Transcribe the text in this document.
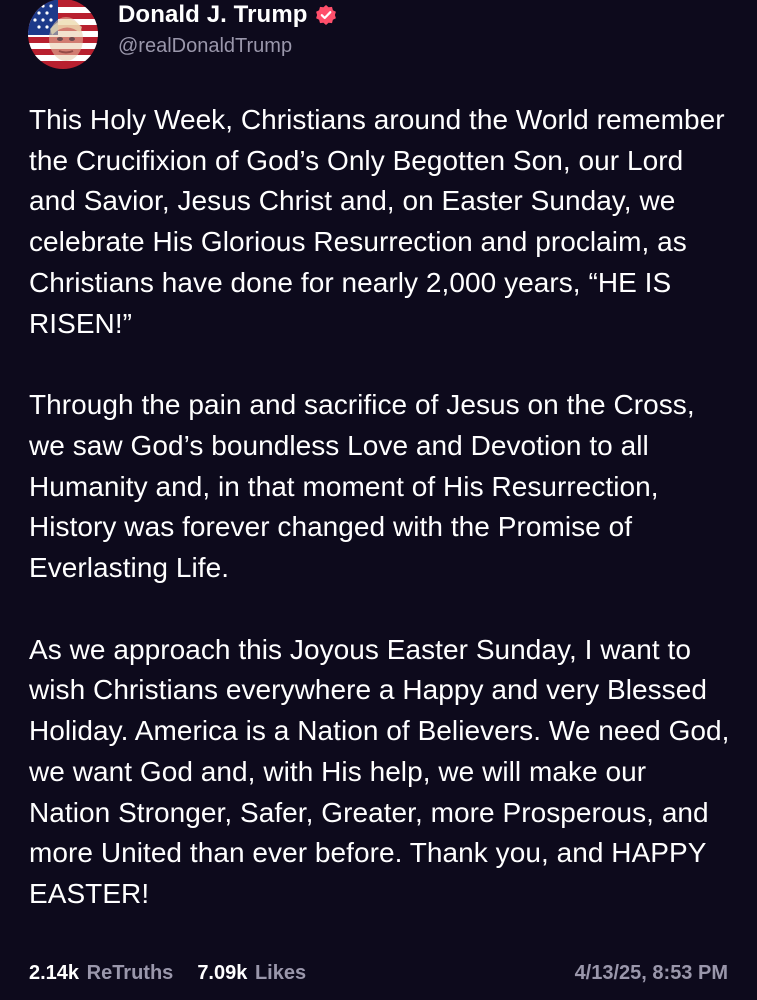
Donald J. Trump
@realDonaldTrump

This Holy Week, Christians around the World remember the Crucifixion of God’s Only Begotten Son, our Lord and Savior, Jesus Christ and, on Easter Sunday, we celebrate His Glorious Resurrection and proclaim, as Christians have done for nearly 2,000 years, “HE IS RISEN!”

Through the pain and sacrifice of Jesus on the Cross, we saw God’s boundless Love and Devotion to all Humanity and, in that moment of His Resurrection, History was forever changed with the Promise of Everlasting Life.

As we approach this Joyous Easter Sunday, I want to wish Christians everywhere a Happy and very Blessed Holiday. America is a Nation of Believers. We need God, we want God and, with His help, we will make our Nation Stronger, Safer, Greater, more Prosperous, and more United than ever before. Thank you, and HAPPY EASTER!

2.14k
ReTruths 7.09k
Likes	4/13/25, 8:53 PM
